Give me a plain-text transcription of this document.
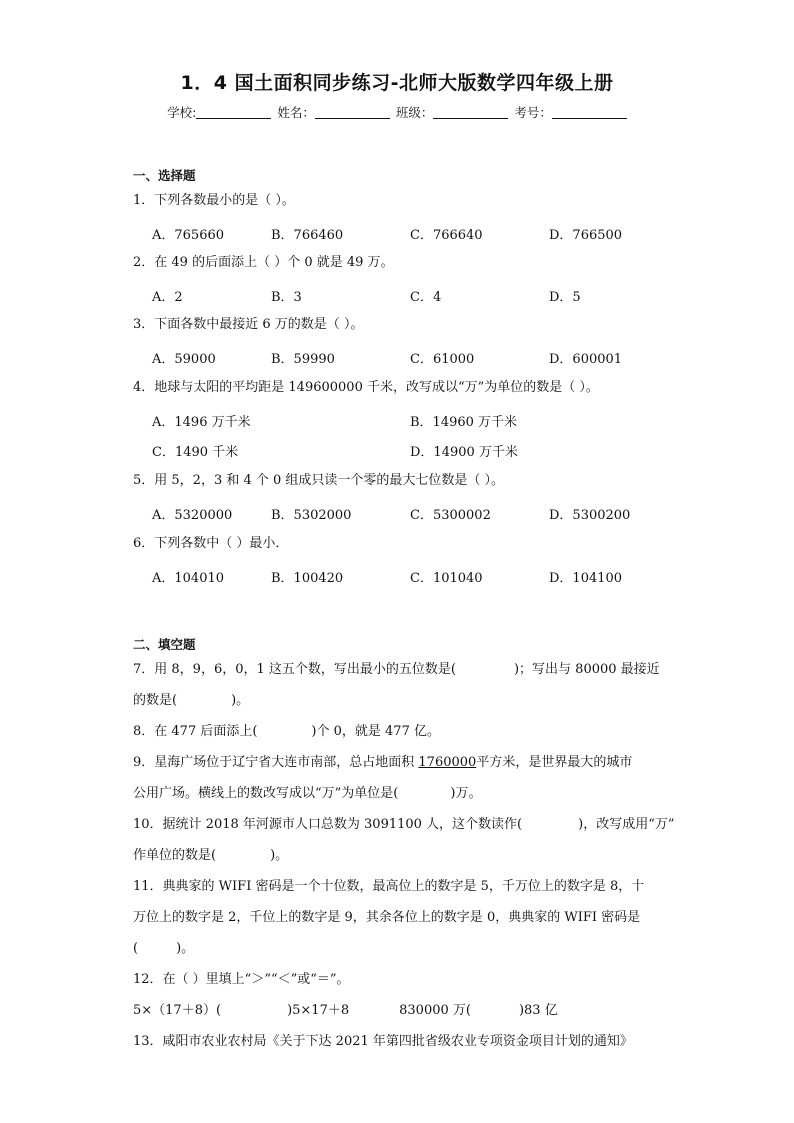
1．4 国土面积同步练习-北师大版数学四年级上册
学校:	姓名：	班级：	考号：
一、选择题
1．下列各数最小的是（ ）。
A．765660	B．766460	C．766640	D．766500
2．在 49 的后面添上（ ）个 0 就是 49 万。
A．2	B．3	C．4	D．5
3．下面各数中最接近 6 万的数是（ ）。
A．59000	B．59990	C．61000	D．600001
4．地球与太阳的平均距是 149600000 千米，改写成以“万”为单位的数是（ ）。
A．1496 万千米	B．14960 万千米
C．1490 千米	D．14900 万千米
5．用 5，2，3 和 4 个 0 组成只读一个零的最大七位数是（ ）。
A．5320000	B．5302000	C．5300002	D．5300200
6．下列各数中（ ）最小．
A．104010	B．100420	C．101040	D．104100
二、填空题
7．用 8，9，6，0，1 这五个数，写出最小的五位数是(	)；写出与 80000 最接近
的数是(	)。
8．在 477 后面添上(	)个 0，就是 477 亿。
9．星海广场位于辽宁省大连市南部，总占地面积 1760000平方米，是世界最大的城市
公用广场。横线上的数改写成以“万”为单位是(	)万。
10．据统计 2018 年河源市人口总数为 3091100 人，这个数读作(	)，改写成用“万”
作单位的数是(	)。
11．典典家的 WIFI 密码是一个十位数，最高位上的数字是 5，千万位上的数字是 8，十
万位上的数字是 2，千位上的数字是 9，其余各位上的数字是 0，典典家的 WIFI 密码是
(	)。
12．在（ ）里填上“＞”“＜”或“＝”。
5×（17＋8）(	)5×17＋8	830000 万(	)83 亿
13．咸阳市农业农村局《关于下达 2021 年第四批省级农业专项资金项目计划的通知》
